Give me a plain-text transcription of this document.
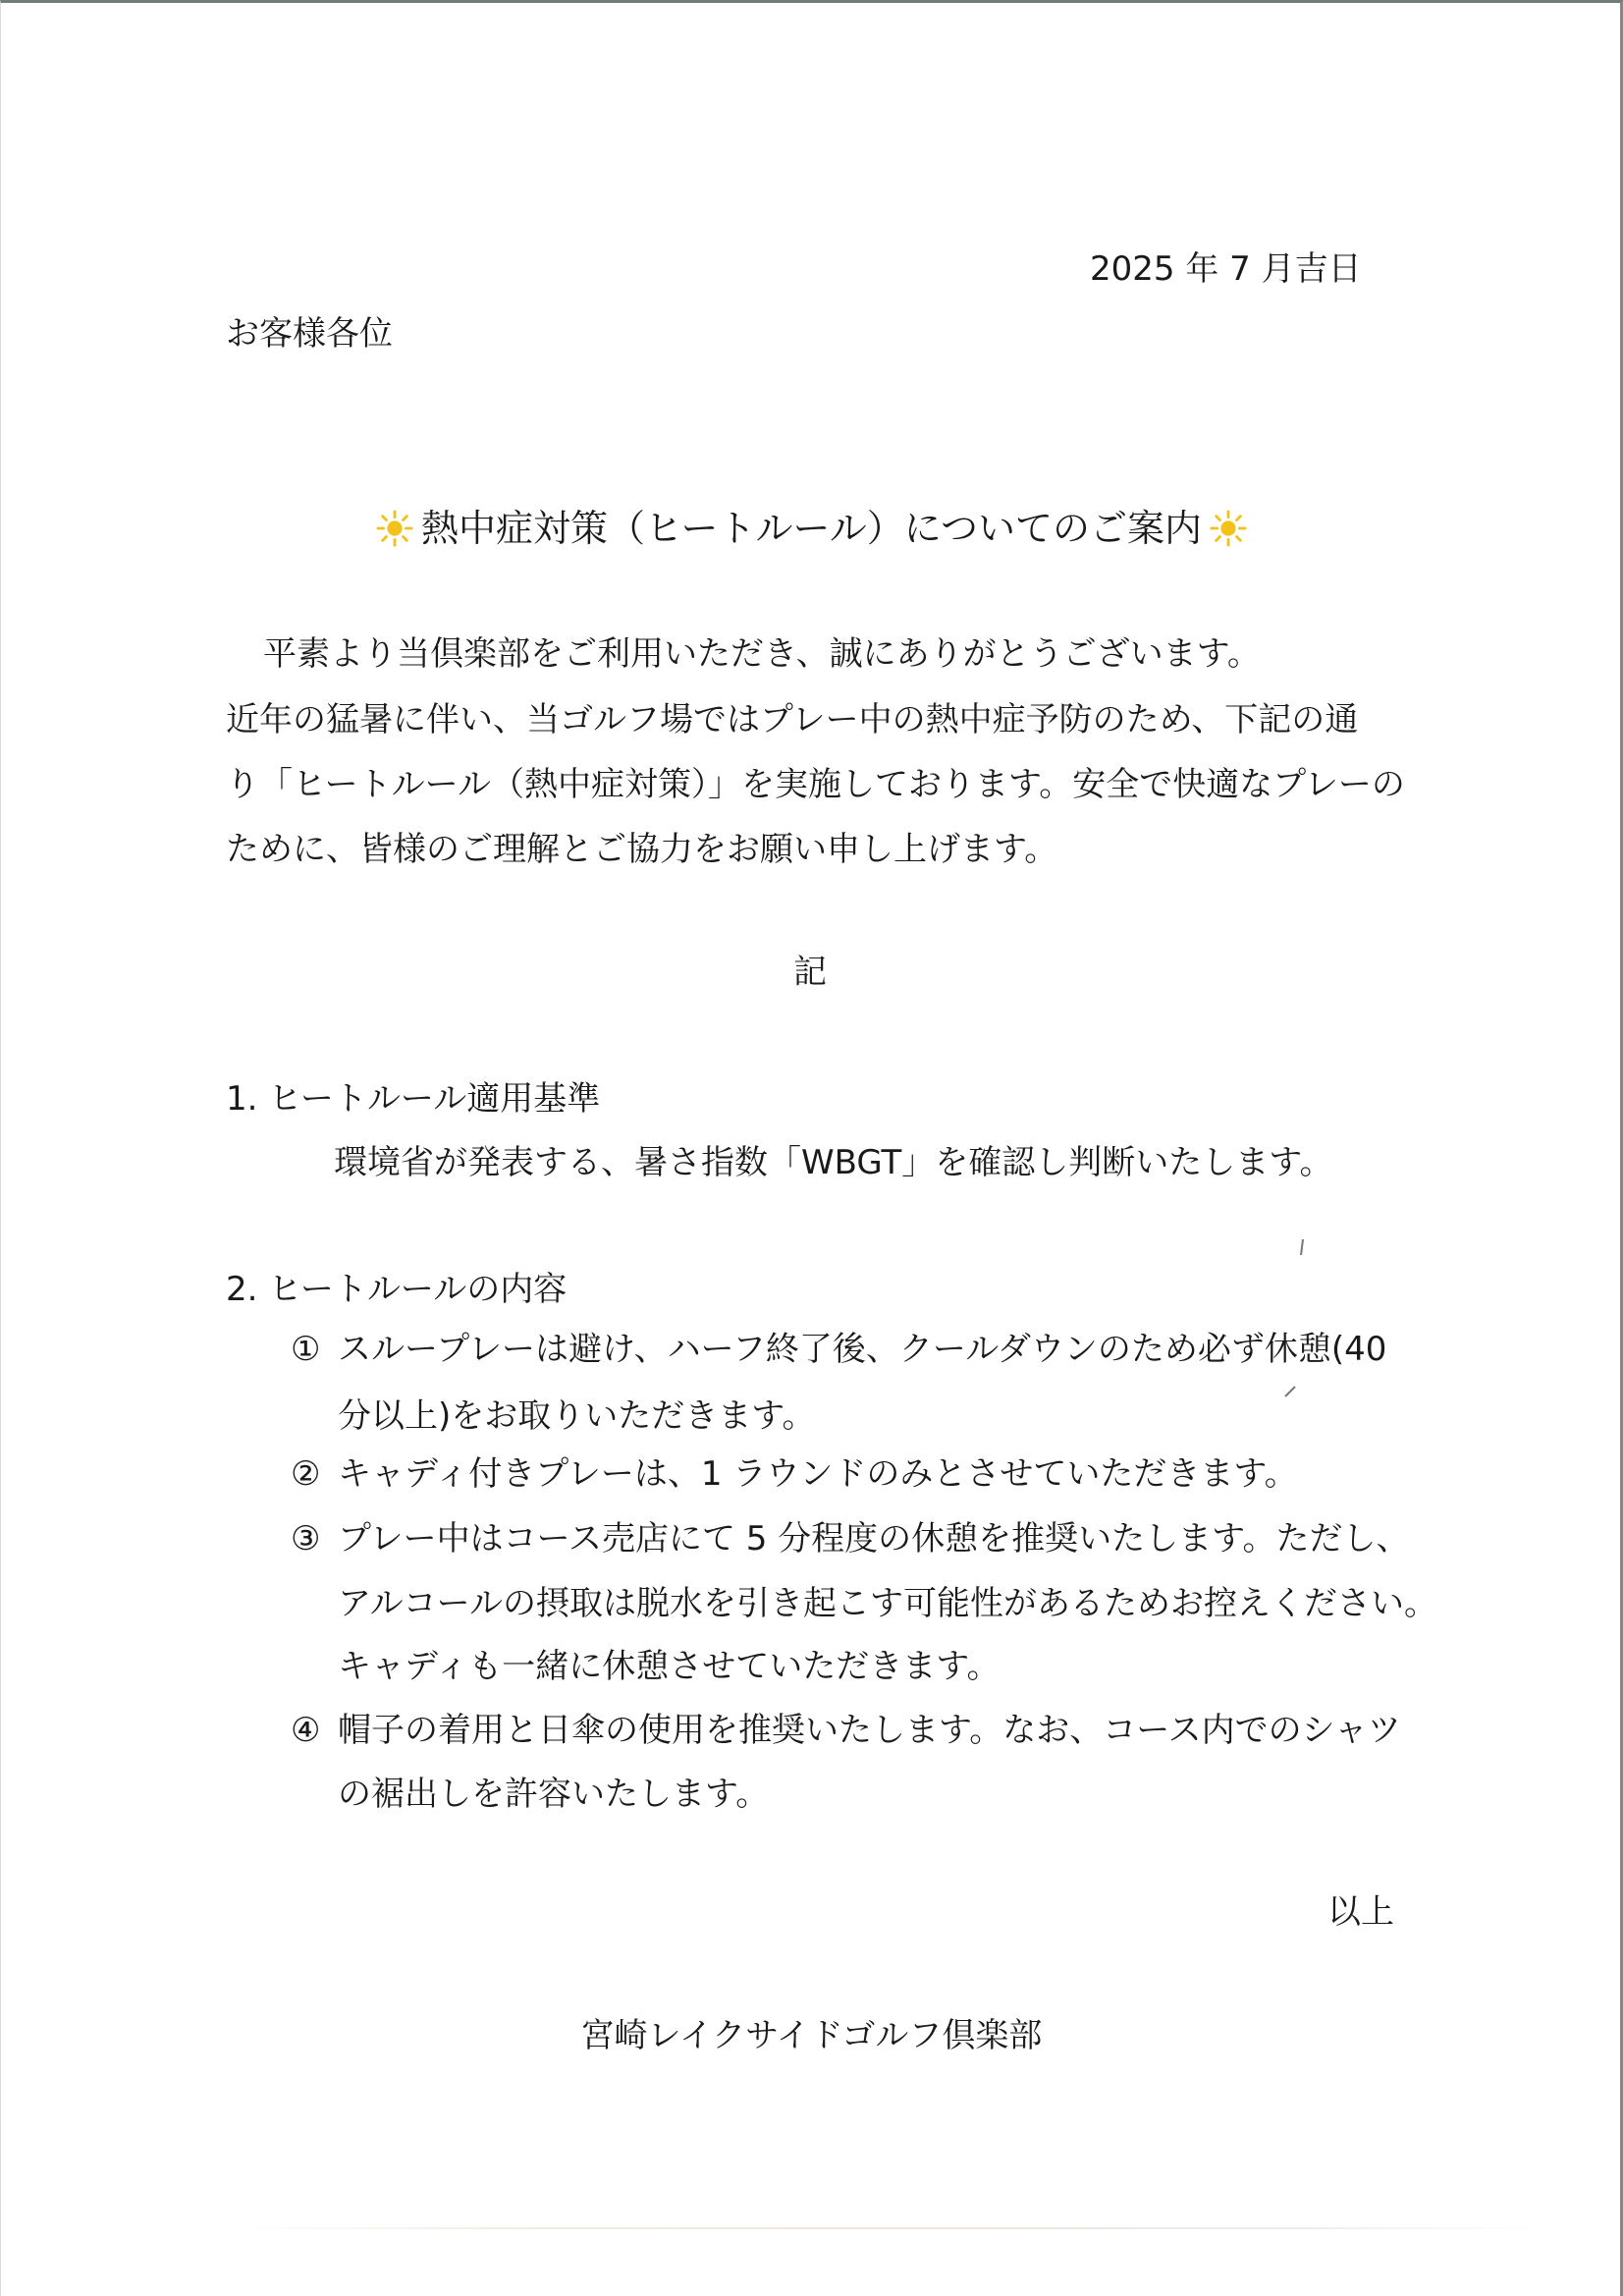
2025 年 7 月吉日
お客様各位
熱中症対策（ヒートルール）についてのご案内
平素より当倶楽部をご利用いただき、誠にありがとうございます。
近年の猛暑に伴い、当ゴルフ場ではプレー中の熱中症予防のため、下記の通
り「ヒートルール（熱中症対策）」を実施しております。安全で快適なプレーの
ために、皆様のご理解とご協力をお願い申し上げます。
記
1. ヒートルール適用基準
環境省が発表する、暑さ指数「WBGT」を確認し判断いたします。
2. ヒートルールの内容
① スループレーは避け、ハーフ終了後、クールダウンのため必ず休憩(40
分以上)をお取りいただきます。
② キャディ付きプレーは、1 ラウンドのみとさせていただきます。
③ プレー中はコース売店にて 5 分程度の休憩を推奨いたします。ただし、
アルコールの摂取は脱水を引き起こす可能性があるためお控えください。
キャディも一緒に休憩させていただきます。
④ 帽子の着用と日傘の使用を推奨いたします。なお、コース内でのシャツ
の裾出しを許容いたします。
以上
宮崎レイクサイドゴルフ倶楽部
